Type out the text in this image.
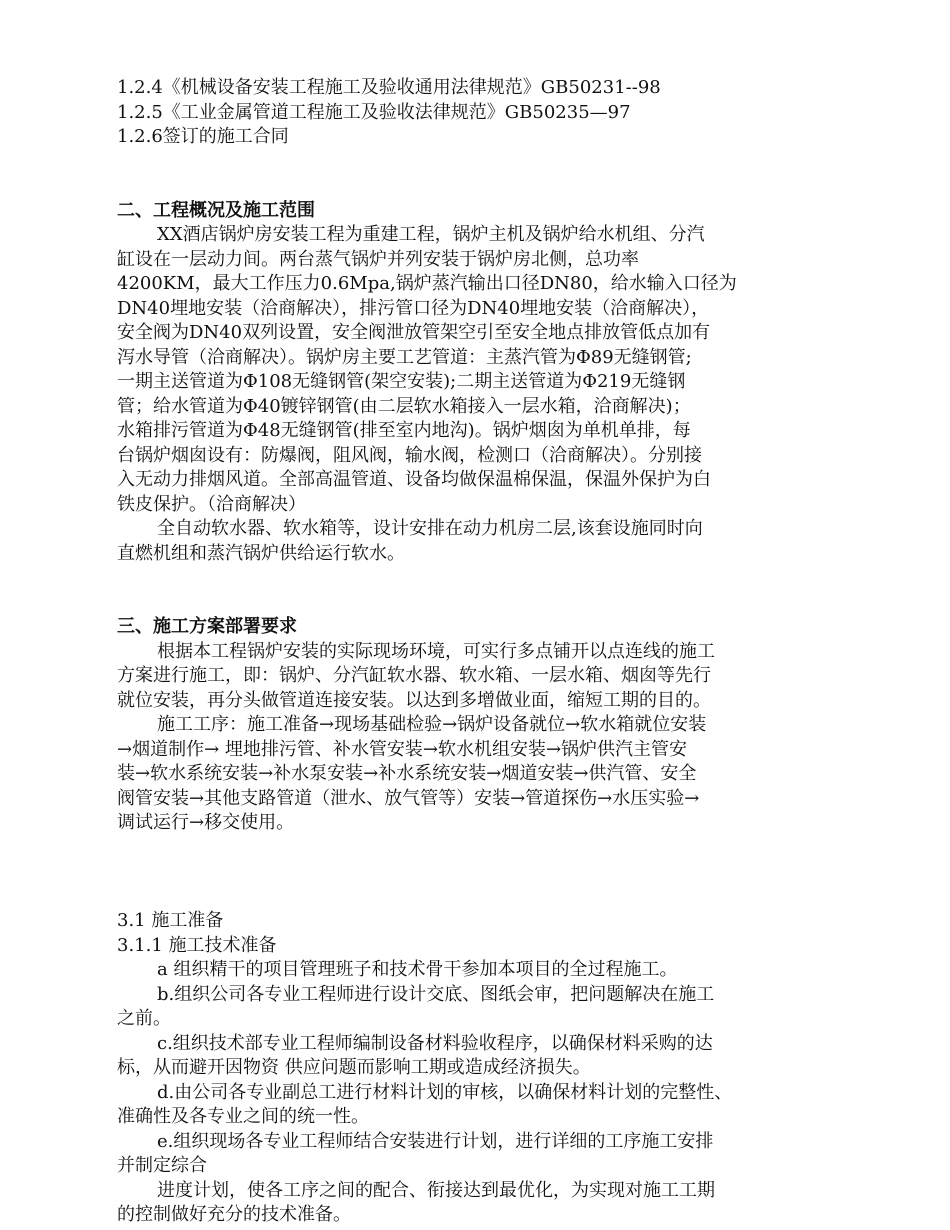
1.2.4《机械设备安装工程施工及验收通用法律规范》GB50231--98
1.2.5《工业金属管道工程施工及验收法律规范》GB50235—97
1.2.6签订的施工合同
二、工程概况及施工范围
XX酒店锅炉房安装工程为重建工程，锅炉主机及锅炉给水机组、分汽
缸设在一层动力间。两台蒸气锅炉并列安装于锅炉房北侧，总功率
4200KM，最大工作压力0.6Mpa,锅炉蒸汽输出口径DN80，给水输入口径为
DN40埋地安装（洽商解决），排污管口径为DN40埋地安装（洽商解决），
安全阀为DN40双列设置，安全阀泄放管架空引至安全地点排放管低点加有
泻水导管（洽商解决）。锅炉房主要工艺管道：主蒸汽管为Φ89无缝钢管;
一期主送管道为Φ108无缝钢管(架空安装);二期主送管道为Φ219无缝钢
管；给水管道为Φ40镀锌钢管(由二层软水箱接入一层水箱，洽商解决)；
水箱排污管道为Φ48无缝钢管(排至室内地沟)。锅炉烟囱为单机单排，每
台锅炉烟囱设有：防爆阀，阻风阀，输水阀，检测口（洽商解决）。分别接
入无动力排烟风道。全部高温管道、设备均做保温棉保温，保温外保护为白
铁皮保护。（洽商解决）
全自动软水器、软水箱等，设计安排在动力机房二层,该套设施同时向
直燃机组和蒸汽锅炉供给运行软水。
三、施工方案部署要求
根据本工程锅炉安装的实际现场环境，可实行多点铺开以点连线的施工
方案进行施工，即：锅炉、分汽缸软水器、软水箱、一层水箱、烟囱等先行
就位安装，再分头做管道连接安装。以达到多增做业面，缩短工期的目的。
施工工序：施工准备→现场基础检验→锅炉设备就位→软水箱就位安装
→烟道制作→ 埋地排污管、补水管安装→软水机组安装→锅炉供汽主管安
装→软水系统安装→补水泵安装→补水系统安装→烟道安装→供汽管、安全
阀管安装→其他支路管道（泄水、放气管等）安装→管道探伤→水压实验→
调试运行→移交使用。
3.1 施工准备
3.1.1 施工技术准备
a 组织精干的项目管理班子和技术骨干参加本项目的全过程施工。
b.组织公司各专业工程师进行设计交底、图纸会审，把问题解决在施工
之前。
c.组织技术部专业工程师编制设备材料验收程序，以确保材料采购的达
标，从而避开因物资 供应问题而影响工期或造成经济损失。
d.由公司各专业副总工进行材料计划的审核，以确保材料计划的完整性、
准确性及各专业之间的统一性。
e.组织现场各专业工程师结合安装进行计划，进行详细的工序施工安排
并制定综合
进度计划，使各工序之间的配合、衔接达到最优化，为实现对施工工期
的控制做好充分的技术准备。
